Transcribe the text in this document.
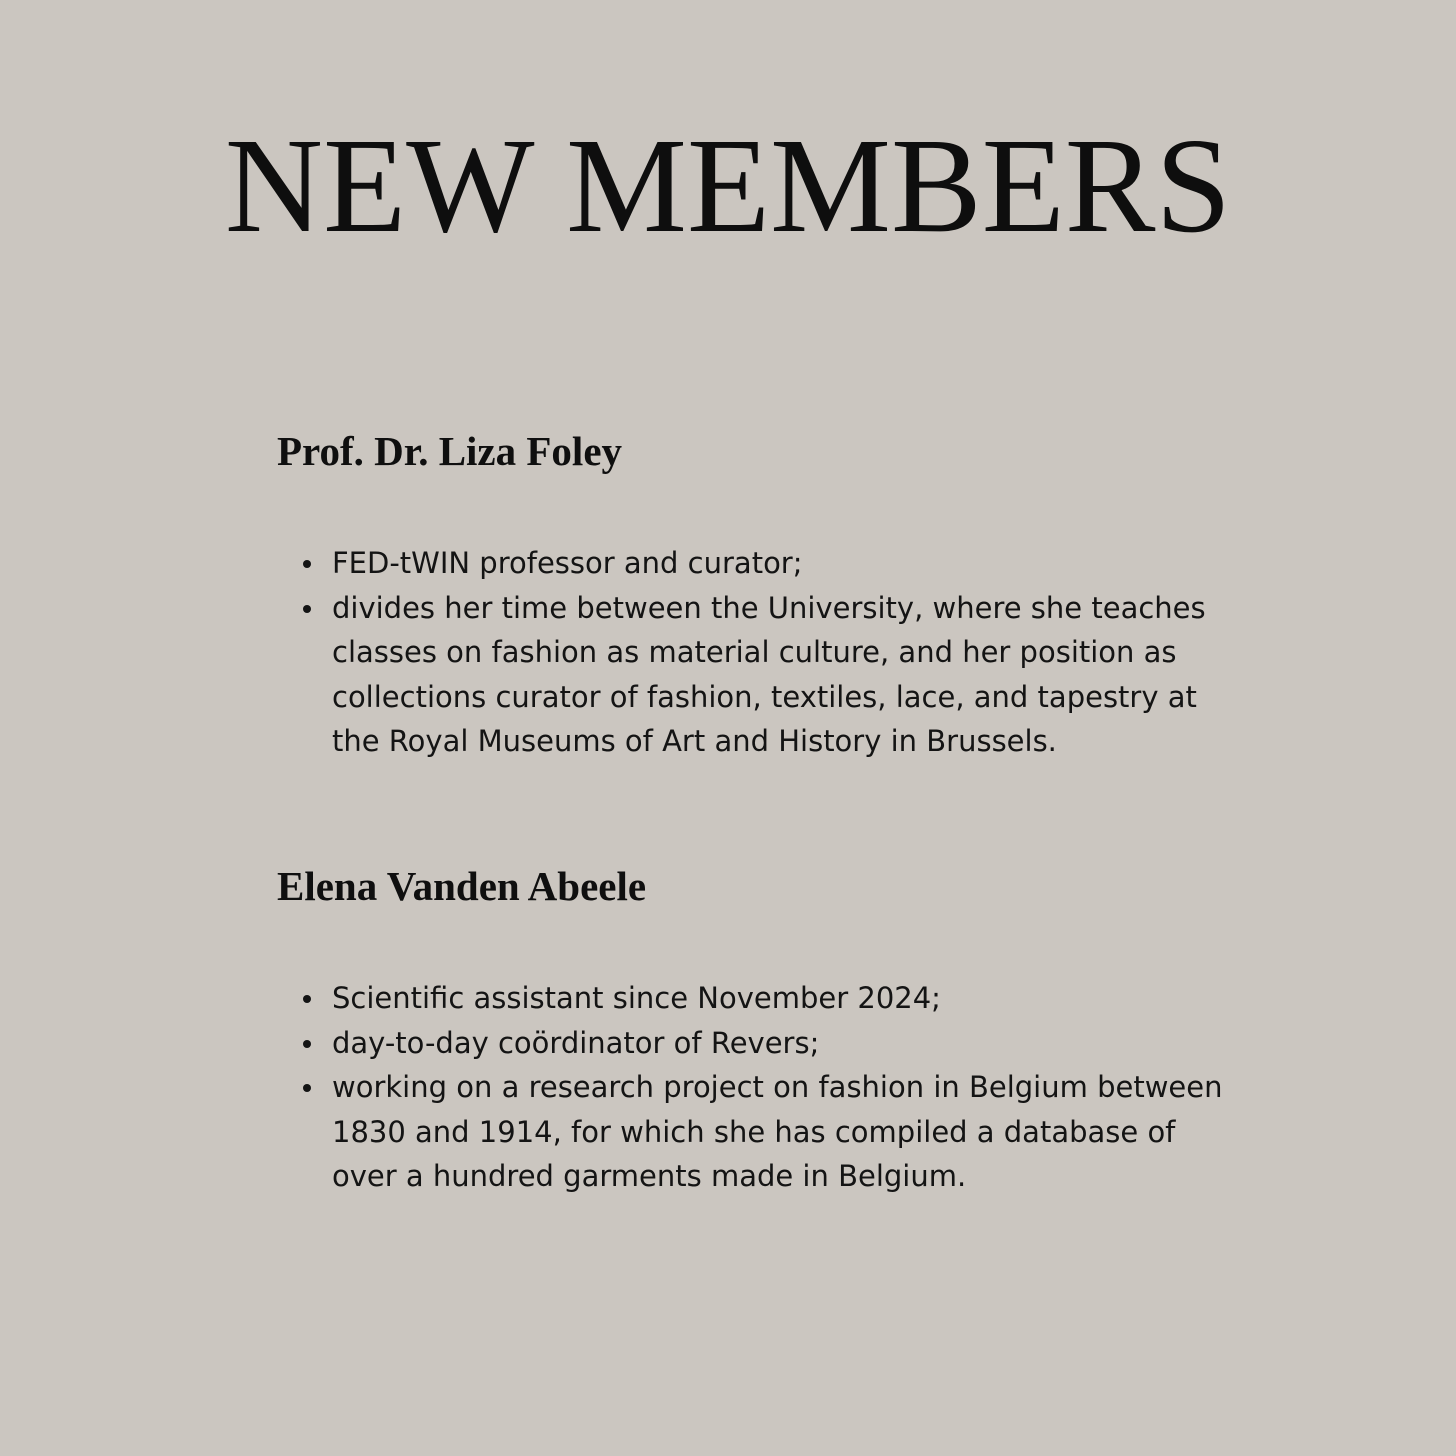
NEW MEMBERS
Prof. Dr. Liza Foley
FED-tWIN professor and curator;
divides her time between the University, where she teaches classes on fashion as material culture, and her position as collections curator of fashion, textiles, lace, and tapestry at the Royal Museums of Art and History in Brussels.
Elena Vanden Abeele
Scientific assistant since November 2024;
day-to-day coördinator of Revers;
working on a research project on fashion in Belgium between 1830 and 1914, for which she has compiled a database of over a hundred garments made in Belgium.
